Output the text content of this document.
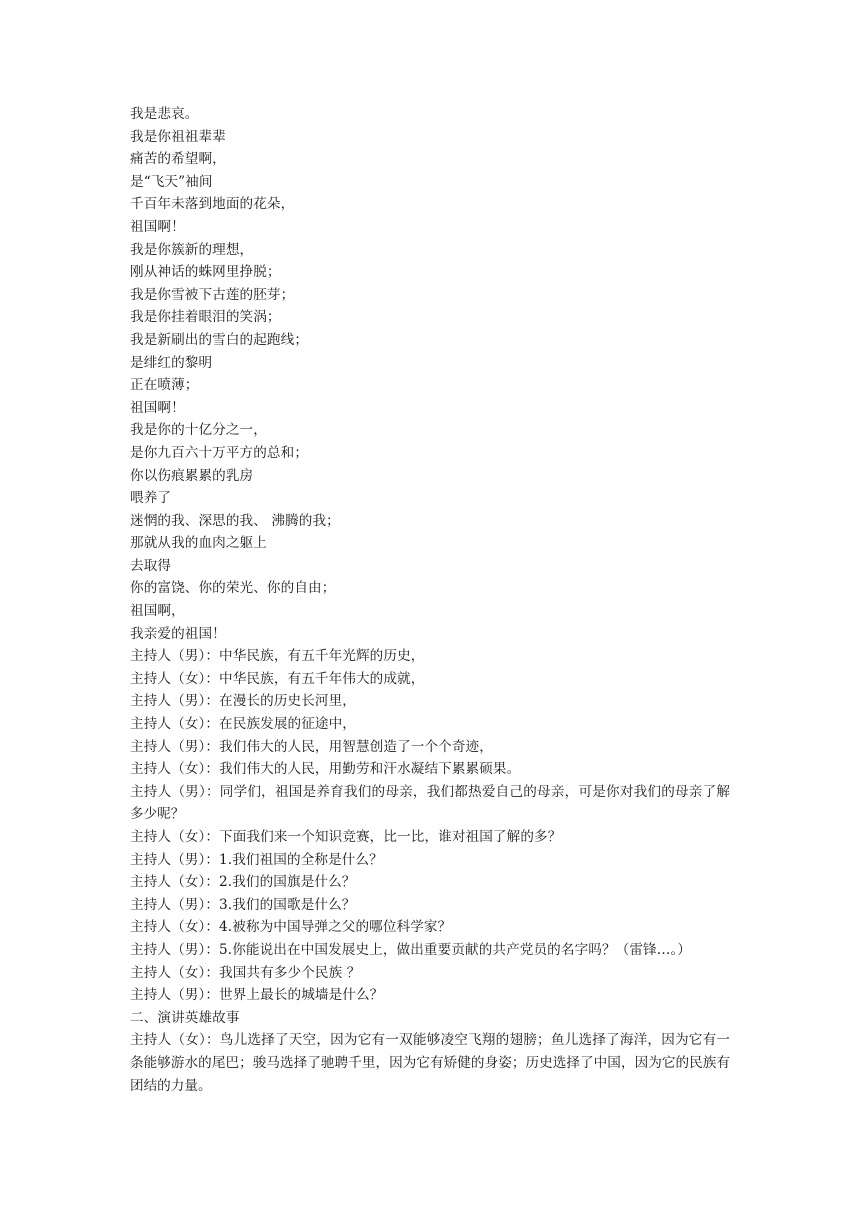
我是悲哀。
我是你祖祖辈辈
痛苦的希望啊，
是“飞天”袖间
千百年未落到地面的花朵，
祖国啊！
我是你簇新的理想，
刚从神话的蛛网里挣脱；
我是你雪被下古莲的胚芽；
我是你挂着眼泪的笑涡；
我是新刷出的雪白的起跑线；
是绯红的黎明
正在喷薄；
祖国啊！
我是你的十亿分之一，
是你九百六十万平方的总和；
你以伤痕累累的乳房
喂养了
迷惘的我、深思的我、 沸腾的我；
那就从我的血肉之躯上
去取得
你的富饶、你的荣光、你的自由；
祖国啊，
我亲爱的祖国！
主持人（男）：中华民族，有五千年光辉的历史，
主持人（女）：中华民族，有五千年伟大的成就，
主持人（男）：在漫长的历史长河里，
主持人（女）：在民族发展的征途中，
主持人（男）：我们伟大的人民，用智慧创造了一个个奇迹，
主持人（女）：我们伟大的人民，用勤劳和汗水凝结下累累硕果。
主持人（男）：同学们，祖国是养育我们的母亲，我们都热爱自己的母亲，可是你对我们的母亲了解多少呢？
主持人（女）：下面我们来一个知识竞赛，比一比，谁对祖国了解的多？
主持人（男）：1.我们祖国的全称是什么？
主持人（女）：2.我们的国旗是什么？
主持人（男）：3.我们的国歌是什么？
主持人（女）：4.被称为中国导弹之父的哪位科学家？
主持人（男）：5.你能说出在中国发展史上，做出重要贡献的共产党员的名字吗？（雷锋…。）
主持人（女）：我国共有多少个民族 ？
主持人（男）：世界上最长的城墙是什么？
二、演讲英雄故事
主持人（女）：鸟儿选择了天空，因为它有一双能够凌空飞翔的翅膀；鱼儿选择了海洋，因为它有一条能够游水的尾巴；骏马选择了驰聘千里，因为它有矫健的身姿；历史选择了中国，因为它的民族有团结的力量。
